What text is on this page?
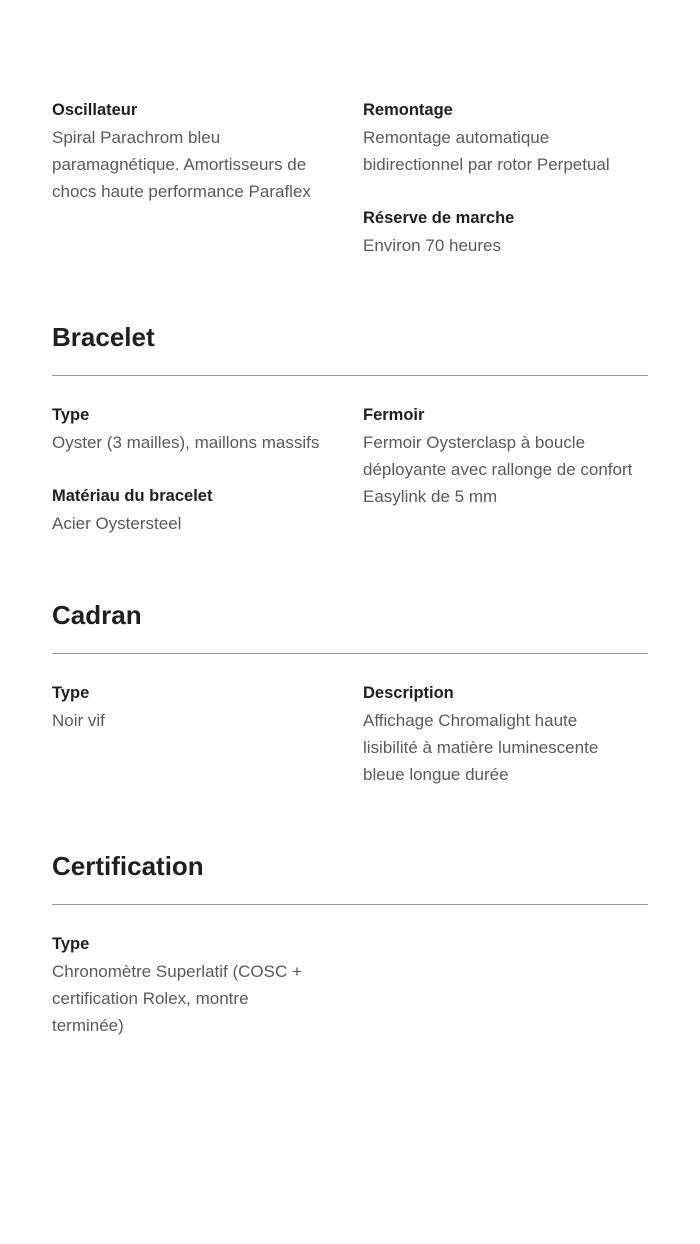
Oscillateur
Spiral Parachrom bleu paramagnétique. Amortisseurs de chocs haute performance Paraflex
Remontage
Remontage automatique bidirectionnel par rotor Perpetual
Réserve de marche
Environ 70 heures
Bracelet
Type
Oyster (3 mailles), maillons massifs
Matériau du bracelet
Acier Oystersteel
Fermoir
Fermoir Oysterclasp à boucle déployante avec rallonge de confort Easylink de 5 mm
Cadran
Type
Noir vif
Description
Affichage Chromalight haute lisibilité à matière luminescente bleue longue durée
Certification
Type
Chronomètre Superlatif (COSC + certification Rolex, montre terminée)
